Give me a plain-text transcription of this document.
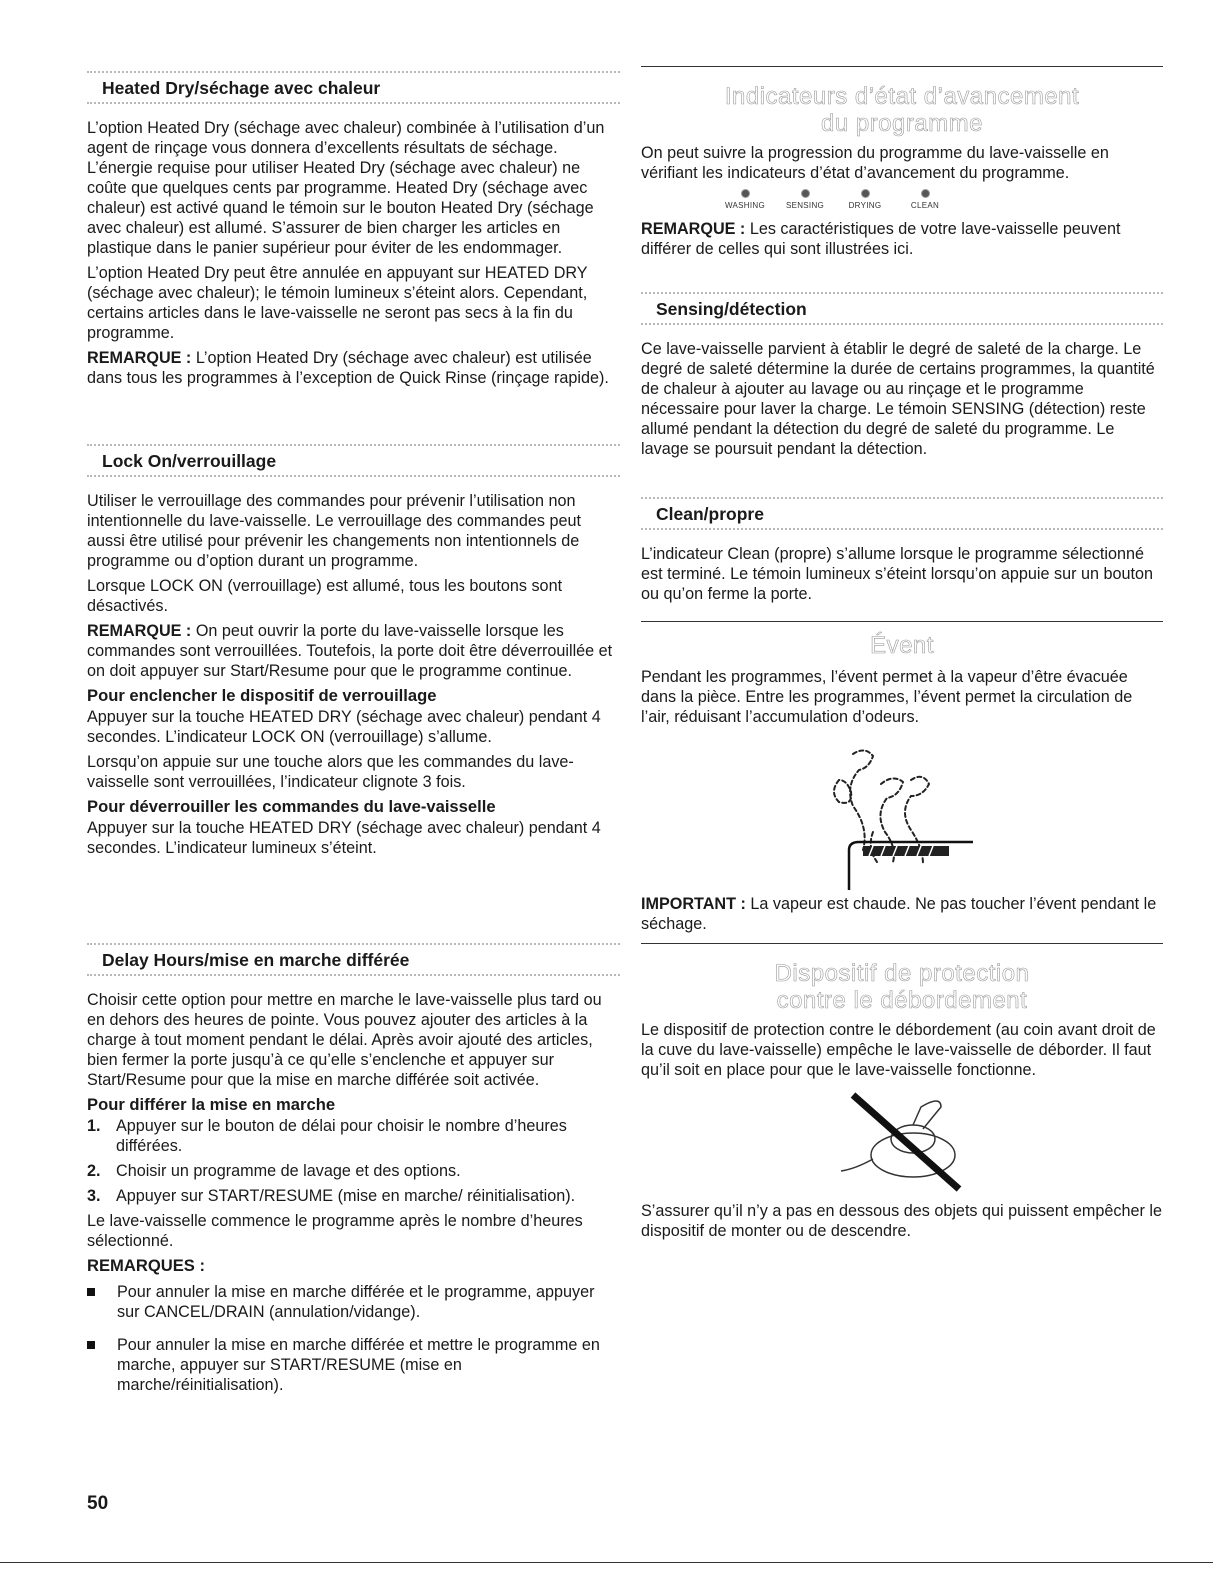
Heated Dry/séchage avec chaleur

L’option Heated Dry (séchage avec chaleur) combinée à l’utilisation d’un agent de rinçage vous donnera d’excellents résultats de séchage. L’énergie requise pour utiliser Heated Dry (séchage avec chaleur) ne coûte que quelques cents par programme. Heated Dry (séchage avec chaleur) est activé quand le témoin sur le bouton Heated Dry (séchage avec chaleur) est allumé. S’assurer de bien charger les articles en plastique dans le panier supérieur pour éviter de les endommager.

L’option Heated Dry peut être annulée en appuyant sur HEATED DRY (séchage avec chaleur); le témoin lumineux s’éteint alors. Cependant, certains articles dans le lave-vaisselle ne seront pas secs à la fin du programme.

REMARQUE : L’option Heated Dry (séchage avec chaleur) est utilisée dans tous les programmes à l’exception de Quick Rinse (rinçage rapide).

Lock On/verrouillage

Utiliser le verrouillage des commandes pour prévenir l’utilisation non intentionnelle du lave-vaisselle. Le verrouillage des commandes peut aussi être utilisé pour prévenir les changements non intentionnels de programme ou d’option durant un programme.

Lorsque LOCK ON (verrouillage) est allumé, tous les boutons sont désactivés.

REMARQUE : On peut ouvrir la porte du lave-vaisselle lorsque les commandes sont verrouillées. Toutefois, la porte doit être déverrouillée et on doit appuyer sur Start/Resume pour que le programme continue.

Pour enclencher le dispositif de verrouillage

Appuyer sur la touche HEATED DRY (séchage avec chaleur) pendant 4 secondes. L’indicateur LOCK ON (verrouillage) s’allume.

Lorsqu’on appuie sur une touche alors que les commandes du lave-vaisselle sont verrouillées, l’indicateur clignote 3 fois.

Pour déverrouiller les commandes du lave-vaisselle

Appuyer sur la touche HEATED DRY (séchage avec chaleur) pendant 4 secondes. L’indicateur lumineux s’éteint.

Delay Hours/mise en marche différée

Choisir cette option pour mettre en marche le lave-vaisselle plus tard ou en dehors des heures de pointe. Vous pouvez ajouter des articles à la charge à tout moment pendant le délai. Après avoir ajouté des articles, bien fermer la porte jusqu’à ce qu’elle s’enclenche et appuyer sur Start/Resume pour que la mise en marche différée soit activée.

Pour différer la mise en marche
1. Appuyer sur le bouton de délai pour choisir le nombre d’heures différées.
2. Choisir un programme de lavage et des options.
3. Appuyer sur START/RESUME (mise en marche/ réinitialisation).

Le lave-vaisselle commence le programme après le nombre d’heures sélectionné.

REMARQUES :
Pour annuler la mise en marche différée et le programme, appuyer sur CANCEL/DRAIN (annulation/vidange).
Pour annuler la mise en marche différée et mettre le programme en marche, appuyer sur START/RESUME (mise en marche/réinitialisation).
Indicateurs d’état d’avancement
du programme

On peut suivre la progression du programme du lave-vaisselle en vérifiant les indicateurs d’état d’avancement du programme.

WASHING	SENSING	DRYING	CLEAN

REMARQUE : Les caractéristiques de votre lave-vaisselle peuvent différer de celles qui sont illustrées ici.

Sensing/détection

Ce lave-vaisselle parvient à établir le degré de saleté de la charge. Le degré de saleté détermine la durée de certains programmes, la quantité de chaleur à ajouter au lavage ou au rinçage et le programme nécessaire pour laver la charge. Le témoin SENSING (détection) reste allumé pendant la détection du degré de saleté du programme. Le lavage se poursuit pendant la détection.

Clean/propre

L’indicateur Clean (propre) s’allume lorsque le programme sélectionné est terminé. Le témoin lumineux s’éteint lorsqu’on appuie sur un bouton ou qu’on ferme la porte.

Évent

Pendant les programmes, l’évent permet à la vapeur d’être évacuée dans la pièce. Entre les programmes, l’évent permet la circulation de l’air, réduisant l’accumulation d’odeurs.

IMPORTANT : La vapeur est chaude. Ne pas toucher l’évent pendant le séchage.

Dispositif de protection
contre le débordement

Le dispositif de protection contre le débordement (au coin avant droit de la cuve du lave-vaisselle) empêche le lave-vaisselle de déborder. Il faut qu’il soit en place pour que le lave-vaisselle fonctionne.

S’assurer qu’il n’y a pas en dessous des objets qui puissent empêcher le dispositif de monter ou de descendre.

50
